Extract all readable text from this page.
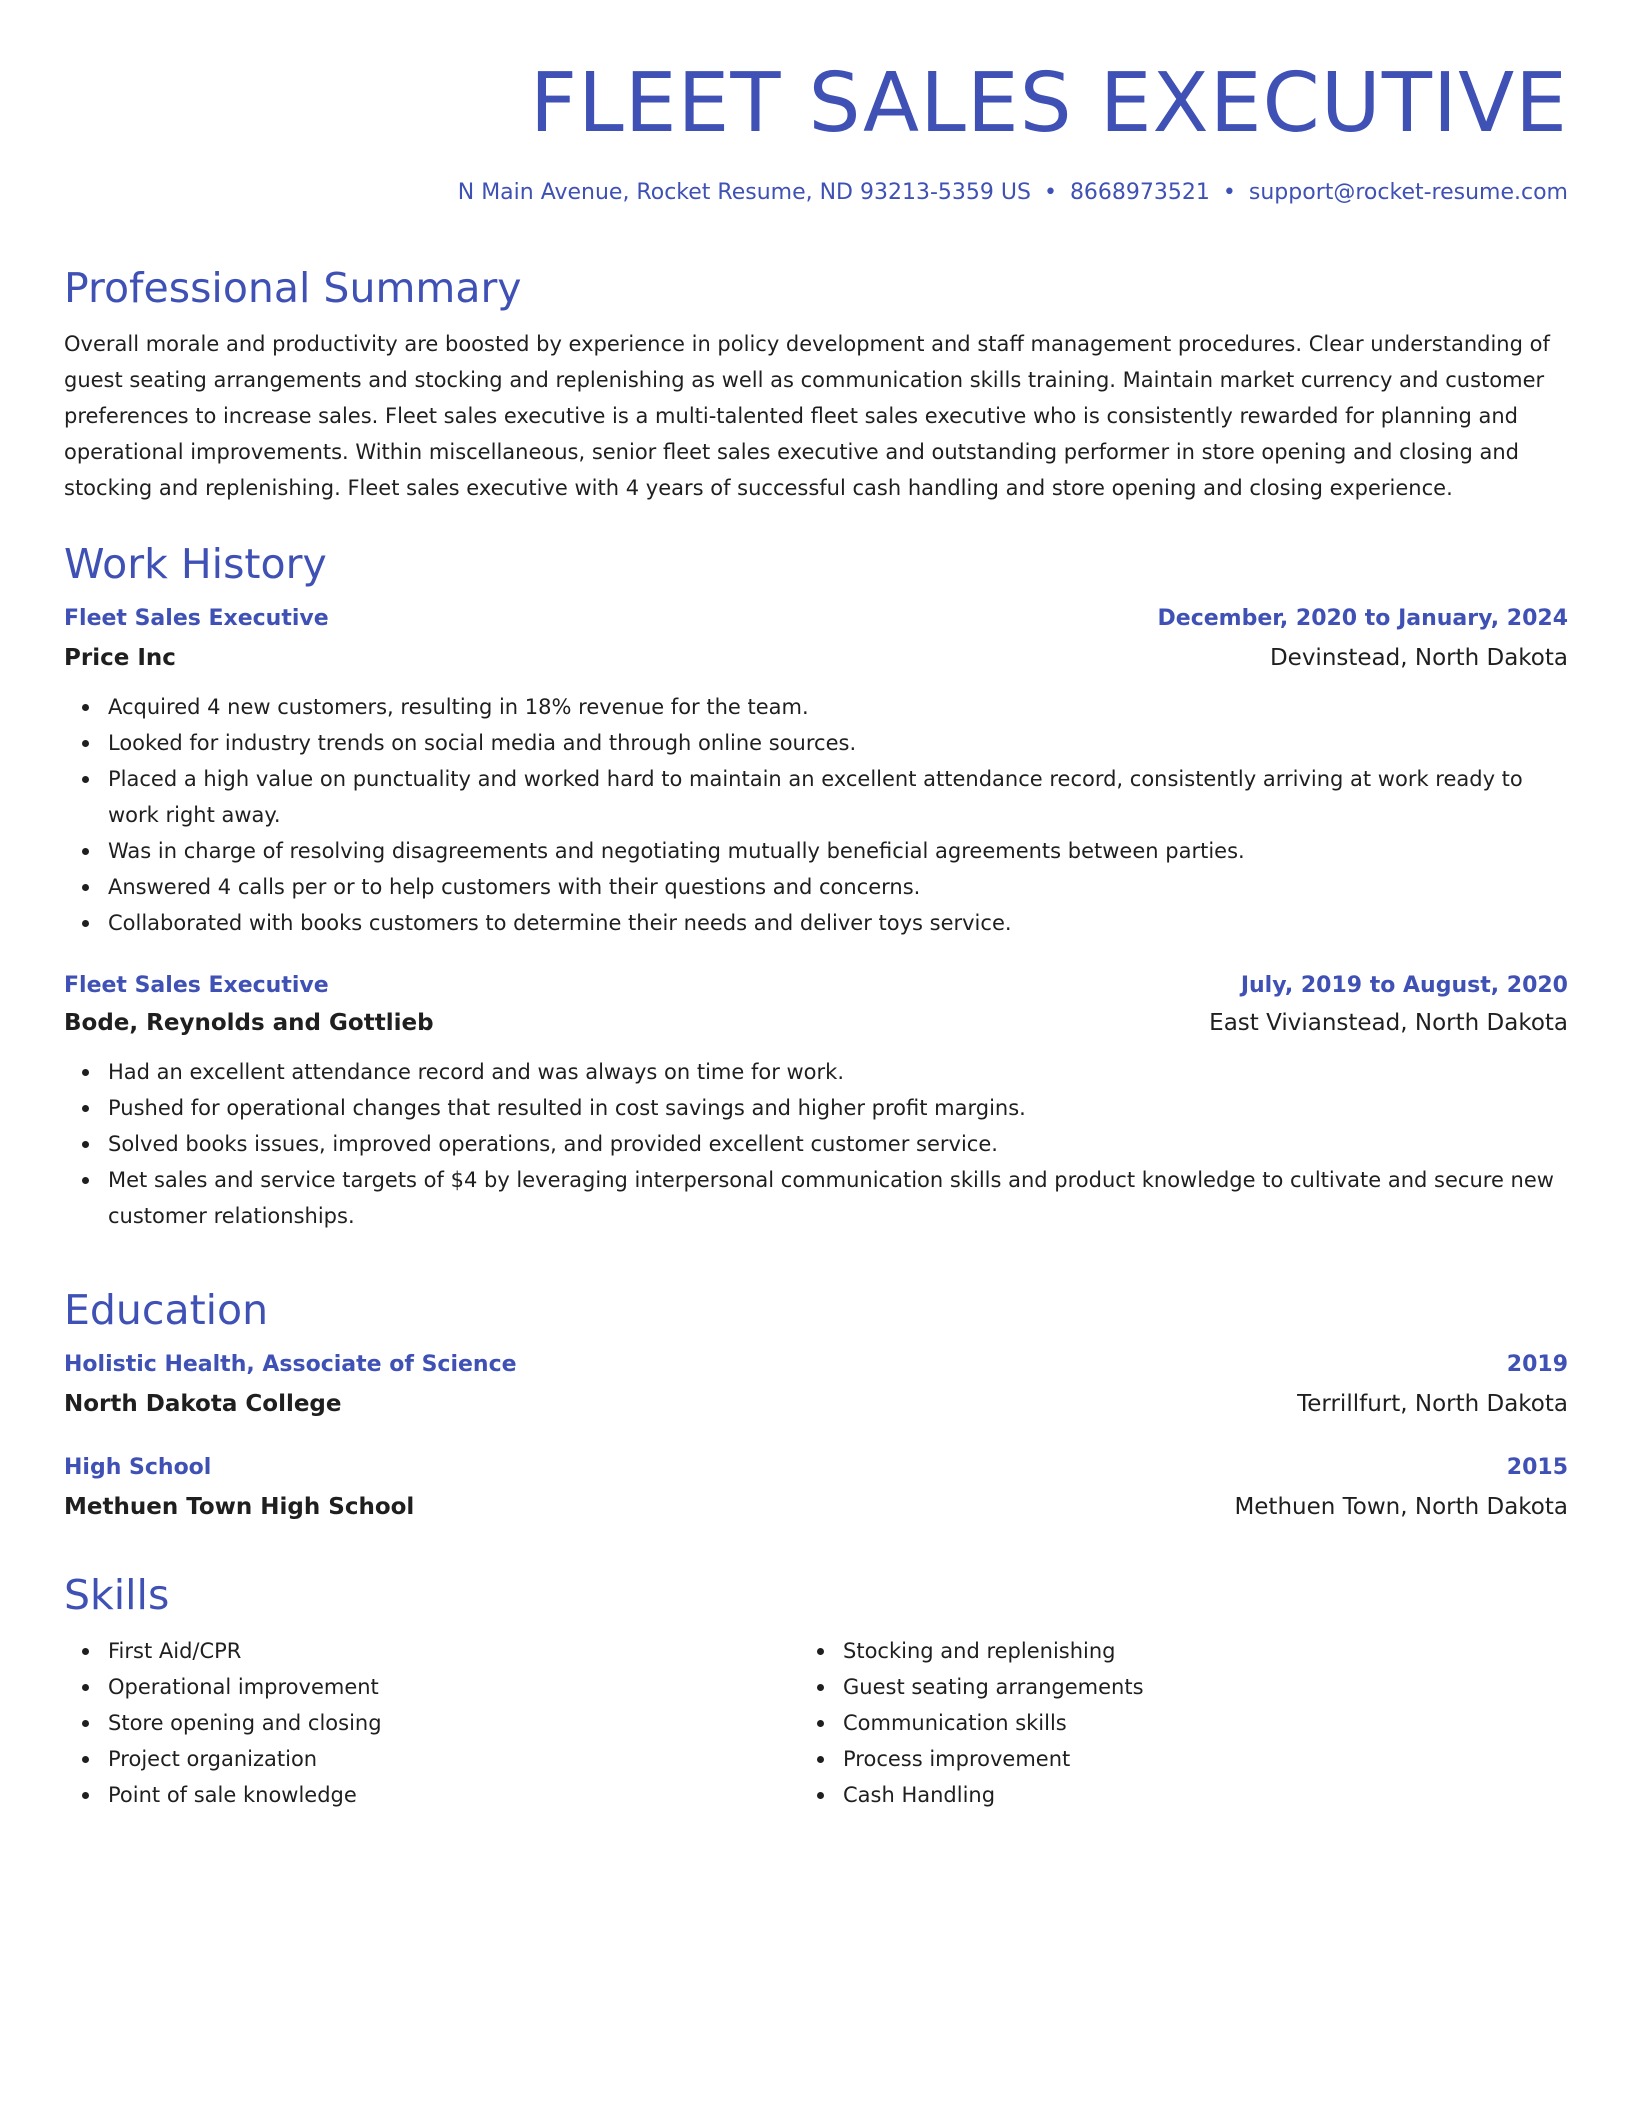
FLEET SALES EXECUTIVE
N Main Avenue, Rocket Resume, ND 93213-5359 US • 8668973521 • support@rocket-resume.com
Professional Summary

Overall morale and productivity are boosted by experience in policy development and staff management procedures. Clear understanding of guest seating arrangements and stocking and replenishing as well as communication skills training. Maintain market currency and customer preferences to increase sales. Fleet sales executive is a multi-talented fleet sales executive who is consistently rewarded for planning and operational improvements. Within miscellaneous, senior fleet sales executive and outstanding performer in store opening and closing and stocking and replenishing. Fleet sales executive with 4 years of successful cash handling and store opening and closing experience.

Work History
Fleet Sales Executive	December, 2020 to January, 2024
Price Inc	Devinstead, North Dakota
Acquired 4 new customers, resulting in 18% revenue for the team.
Looked for industry trends on social media and through online sources.
Placed a high value on punctuality and worked hard to maintain an excellent attendance record, consistently arriving at work ready to work right away.
Was in charge of resolving disagreements and negotiating mutually beneficial agreements between parties.
Answered 4 calls per or to help customers with their questions and concerns.
Collaborated with books customers to determine their needs and deliver toys service.
Fleet Sales Executive	July, 2019 to August, 2020
Bode, Reynolds and Gottlieb	East Vivianstead, North Dakota
Had an excellent attendance record and was always on time for work.
Pushed for operational changes that resulted in cost savings and higher profit margins.
Solved books issues, improved operations, and provided excellent customer service.
Met sales and service targets of $4 by leveraging interpersonal communication skills and product knowledge to cultivate and secure new customer relationships.
Education
Holistic Health, Associate of Science	2019
North Dakota College	Terrillfurt, North Dakota
High School	2015
Methuen Town High School	Methuen Town, North Dakota
Skills
First Aid/CPR
Operational improvement
Store opening and closing
Project organization
Point of sale knowledge
Stocking and replenishing
Guest seating arrangements
Communication skills
Process improvement
Cash Handling
